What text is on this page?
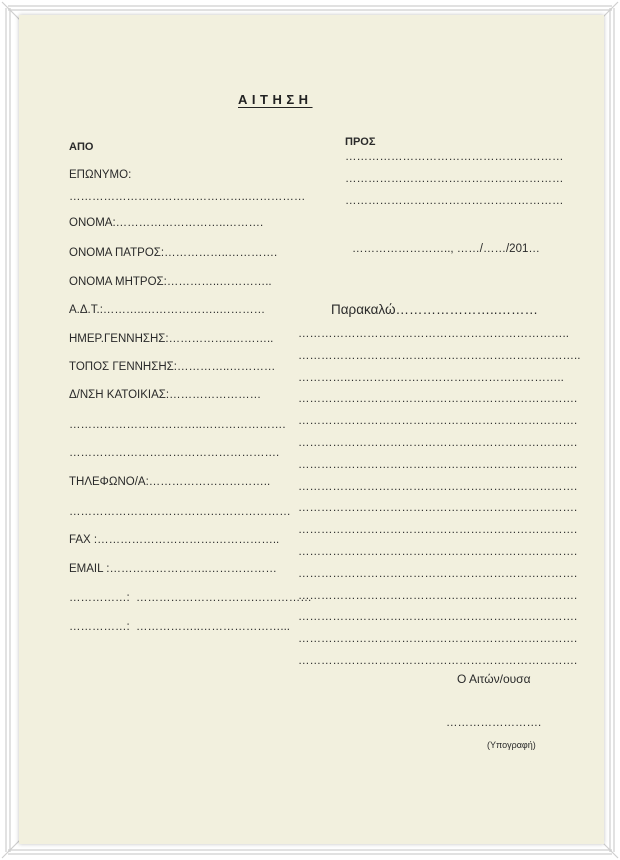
ΑΙΤΗΣΗ
ΑΠΟ
ΕΠΩΝΥΜΟ:
………………………………………..……………
ΟΝΟΜΑ:………………………..……….
ΟΝΟΜΑ ΠΑΤΡΟΣ:……………..………….
ΟΝΟΜΑ ΜΗΤΡΟΣ:…………..…………..
Α.Δ.Τ.:………..………………..…………
ΗΜΕΡ.ΓΕΝΝΗΣΗΣ:……………..………..
ΤΟΠΟΣ ΓΕΝΝΗΣΗΣ:…………..…………
Δ/ΝΣΗ ΚΑΤΟΙΚΙΑΣ:……………………
……………………………..………………….
……………………………………………….
ΤΗΛΕΦΩΝΟ/Α:…………………………..
……………………………….…………………
FAX :………………………….……………..
EMAIL :……………………..………………
……………: ………………………….……………
……………: ……………..…………………...
ΠΡΟΣ
…………………………………………………
…………………………………………………
…………………………………………………
…………………….., ……/……/201…
Παρακαλώ…………………..………
……………………………………………………………..
………………………………………………………………..
…………..………………………………………………..
……………………………………………………………….
……………………………………………………………….
……………………………………………………………….
……………………………………………………………….
……………………………………………………………….
……………………………………………………………….
……………………………………………………………….
……………………………………………………………….
……………………………………………………………….
……………………………………………………………….
……………………………………………………………….
……………………………………………………………….
……………………………………………………………….
Ο Αιτών/ουσα
…………………….
(Υπογραφή)
